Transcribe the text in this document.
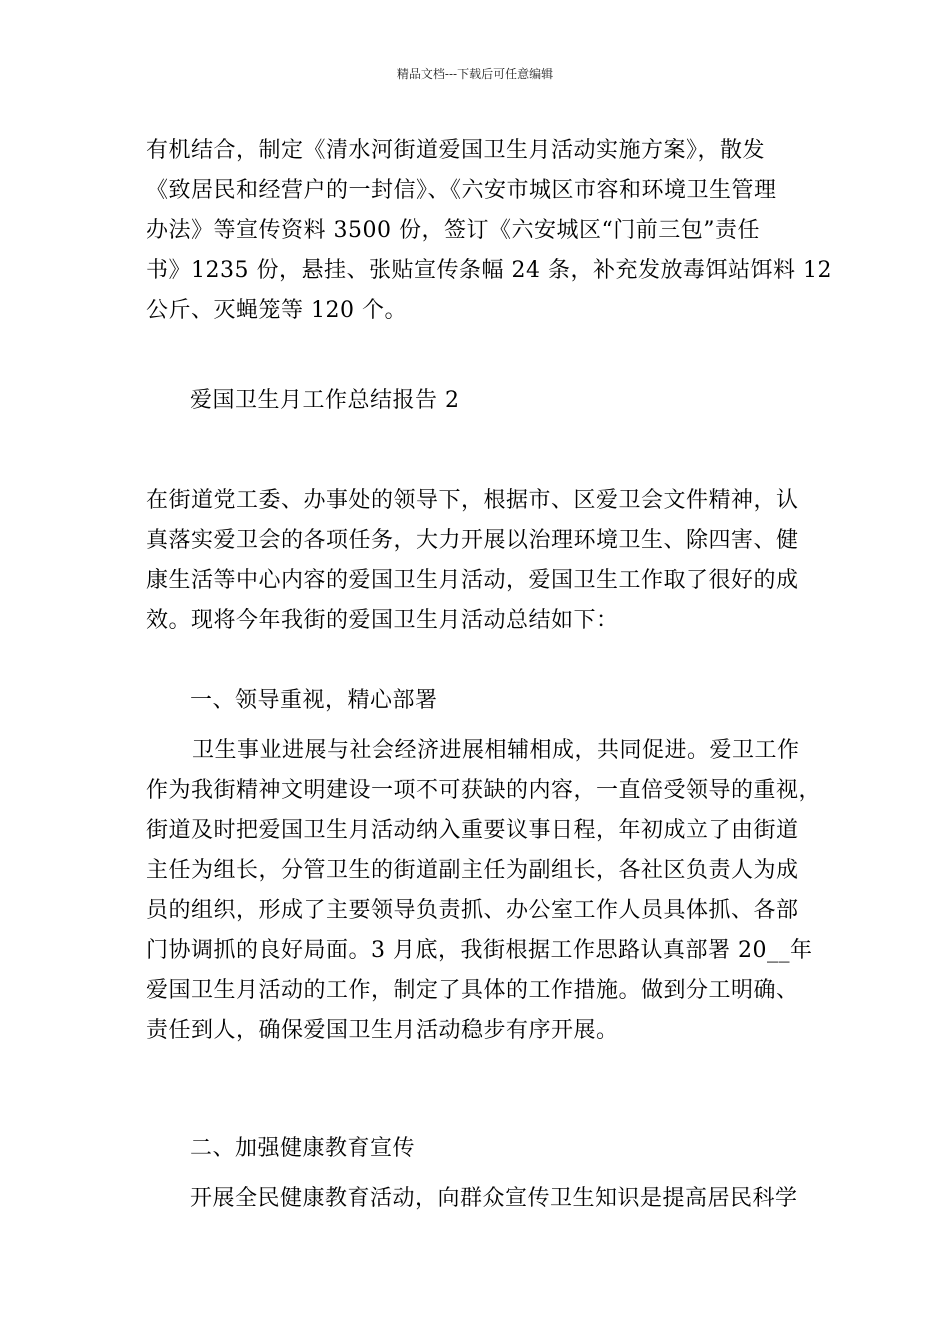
精品文档---下载后可任意编辑
有机结合，制定《清水河街道爱国卫生月活动实施方案》，散发
《致居民和经营户的一封信》、《六安市城区市容和环境卫生管理
办法》等宣传资料 3500 份，签订《六安城区“门前三包”责任
书》1235 份，悬挂、张贴宣传条幅 24 条，补充发放毒饵站饵料 12
公斤、灭蝇笼等 120 个。
爱国卫生月工作总结报告 2
在街道党工委、办事处的领导下，根据市、区爱卫会文件精神，认
真落实爱卫会的各项任务，大力开展以治理环境卫生、除四害、健
康生活等中心内容的爱国卫生月活动，爱国卫生工作取了很好的成
效。现将今年我街的爱国卫生月活动总结如下：
一、领导重视，精心部署
卫生事业进展与社会经济进展相辅相成，共同促进。爱卫工作
作为我街精神文明建设一项不可获缺的内容，一直倍受领导的重视，
街道及时把爱国卫生月活动纳入重要议事日程，年初成立了由街道
主任为组长，分管卫生的街道副主任为副组长，各社区负责人为成
员的组织，形成了主要领导负责抓、办公室工作人员具体抓、各部
门协调抓的良好局面。3 月底，我街根据工作思路认真部署 20__年
爱国卫生月活动的工作，制定了具体的工作措施。做到分工明确、
责任到人，确保爱国卫生月活动稳步有序开展。
二、加强健康教育宣传
开展全民健康教育活动，向群众宣传卫生知识是提高居民科学
